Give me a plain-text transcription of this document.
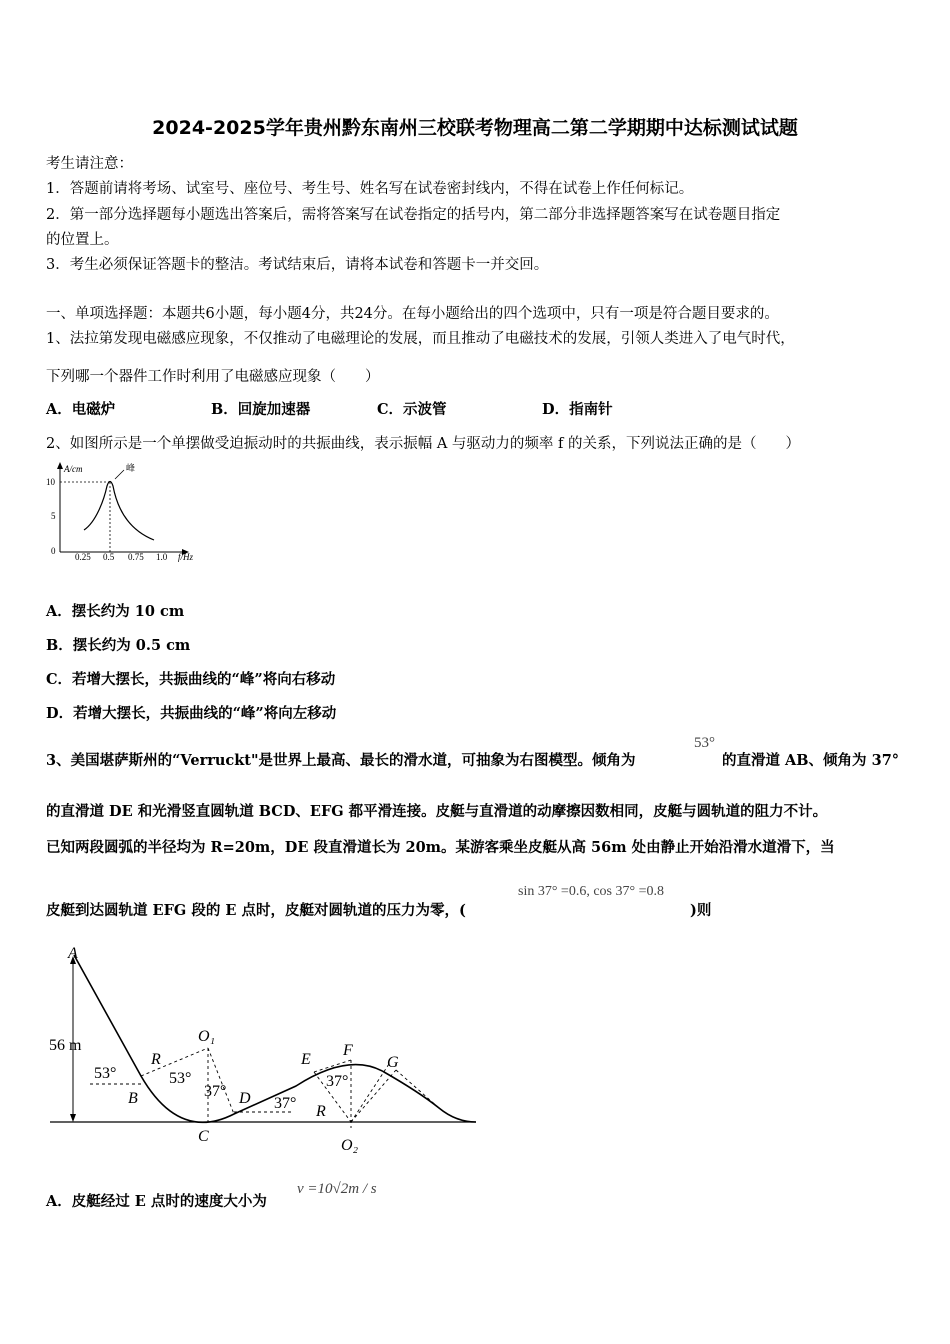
2024-2025学年贵州黔东南州三校联考物理高二第二学期期中达标测试试题
考生请注意：
1．答题前请将考场、试室号、座位号、考生号、姓名写在试卷密封线内，不得在试卷上作任何标记。
2．第一部分选择题每小题选出答案后，需将答案写在试卷指定的括号内，第二部分非选择题答案写在试卷题目指定
的位置上。
3．考生必须保证答题卡的整洁。考试结束后，请将本试卷和答题卡一并交回。
一、单项选择题：本题共6小题，每小题4分，共24分。在每小题给出的四个选项中，只有一项是符合题目要求的。
1、法拉第发现电磁感应现象，不仅推动了电磁理论的发展，而且推动了电磁技术的发展，引领人类进入了电气时代，
下列哪一个器件工作时利用了电磁感应现象（　　）
A．电磁炉	B．回旋加速器	C．示波管	D．指南针
2、如图所示是一个单摆做受迫振动时的共振曲线，表示振幅 A 与驱动力的频率 f 的关系，下列说法正确的是（　　）
A/cm	峰
10
5
0
0.25 0.5 0.75 1.0 f/Hz
A．摆长约为 10 cm
B．摆长约为 0.5 cm
C．若增大摆长，共振曲线的“峰”将向右移动
D．若增大摆长，共振曲线的“峰”将向左移动
3、美国堪萨斯州的“Verruckt"是世界上最高、最长的滑水道，可抽象为右图模型。倾角为
53°
的直滑道 AB、倾角为 37°
的直滑道 DE 和光滑竖直圆轨道 BCD、EFG 都平滑连接。皮艇与直滑道的动摩擦因数相同，皮艇与圆轨道的阻力不计。
已知两段圆弧的半径均为 R=20m，DE 段直滑道长为 20m。某游客乘坐皮艇从高 56m 处由静止开始沿滑水道滑下，当
皮艇到达圆轨道 EFG 段的 E 点时，皮艇对圆轨道的压力为零，(
sin 37° =0.6, cos 37° =0.8
)则
A
B
C
D
E
F
G
O₁
O₂
R
R
56 m
53°	53°
37°
37°
37°
A．皮艇经过 E 点时的速度大小为
v =10√2m / s
